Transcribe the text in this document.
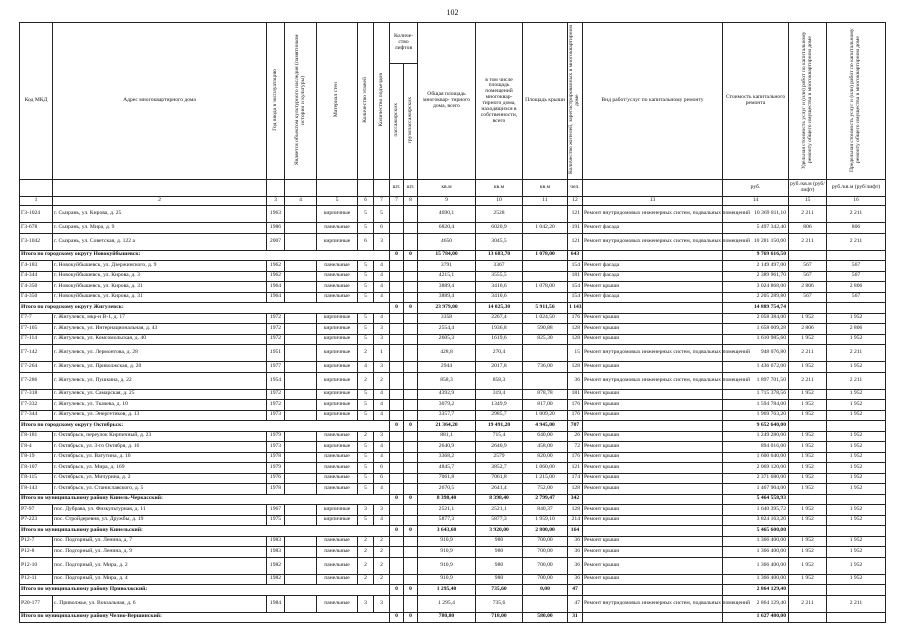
102
Код МКД	Адрес многоквартирного дома	Год ввода в эксплуатацию	Является объектом культурного наследия (памятником истории и культуры)	Материал стен	Количество этажей	Количество подъездов	Количе- ство лифтов		Общая площадь многоквар- тирного дома, всего	в том числе площадь помещений многоквар- тирного дома, находящихся в собственности, всего	Площадь крыши	Количество жителей, зарегистрированных в многоквартирном доме	Вид работ/услуг по капитальному ремонту	Стоимость капитального ремонта	Удельная стоимость услуг и (или) работ по капитальному ремонту общего имущества в многоквартирном доме	Предельная стоимость услуг и (или) работ по капитальному ремонту общего имущества в многоквартирном доме
							пассажирских	грузопассажирских								
							шт.	шт.	кв.м	кв.м	кв.м	чел.		руб.	руб./кв.м (руб/лифт)	руб./кв.м (руб/лифт)
1	2	3	4	5	6	7	7	8	9	10	11	12	13	14	15	16
Г3-1024	г. Сызрань, ул. Кирова, д. 25	1963		кирпичные	5	5			4690,1	2528		121	Ремонт внутридомовых инженерных систем, подвальных помещений	10 369 811,10	2 211	2 211
Г3-678	г. Сызрань, ул. Мира, д. 9	1986		панельные	5	6			6820,4	6020,9	1 042,20	191	Ремонт фасада	5 497 342,40	806	806
Г3-1042	г. Сызрань, ул. Советская, д. 122 а	2007		кирпичные	6	3			4650	3045,5		121	Ремонт внутридомовых инженерных систем, подвальных помещений	10 281 150,00	2 211	2 211
Итого по городскому округу Новокуйбышевск:							0	0	15 784,00	13 683,70	1 078,00	643		9 769 616,50		
Г4-183	г. Новокуйбышевск, ул. Дзержинского, д. 9	1962		панельные	5	4			3791	3367		154	Ремонт фасада	2 149 497,00	567	567
Г4-344	г. Новокуйбышевск, ул. Кирова, д. 3	1962		панельные	5	4			4215,1	3555,5		181	Ремонт фасада	2 389 961,70	567	567
Г4-350	г. Новокуйбышевск, ул. Кирова, д. 31	1964		панельные	5	4			3889,4	3410,6	1 078,00	154	Ремонт крыши	3 024 868,00	2 806	2 806
Г4-350	г. Новокуйбышевск, ул. Кирова, д. 31	1964		панельные	5	4			3889,4	3410,6		154	Ремонт фасада	2 205 289,80	567	567
Итого по городскому округу Жигулевск:							0	0	23 979,00	14 025,30	5 911,56	1 143		14 889 754,74		
Г7-7	г. Жигулевск, мкр-н В-1, д. 17	1972		кирпичные	5	4			3358	2267,4	1 024,50	176	Ремонт крыши	2 058 384,00	1 952	1 952
Г7-105	г. Жигулевск, ул. Интернациональная, д. 43	1972		кирпичные	5	3			2554,4	1936,8	590,88	128	Ремонт крыши	1 658 009,28	2 806	2 806
Г7-114	г. Жигулевск, ул. Комсомольская, д. 40	1972		кирпичные	5	3			2605,3	1619,6	825,30	128	Ремонт крыши	1 610 985,60	1 952	1 952
Г7-142	г. Жигулевск, ул. Лермонтова, д. 28	1951		кирпичные	2	1			428,8	270,4		15	Ремонт внутридомовых инженерных систем, подвальных помещений	948 076,80	2 211	2 211
Г7-264	г. Жигулевск, ул. Приволжская, д. 20	1977		кирпичные	4	3			2944	2017,8	736,00	128	Ремонт крыши	1 436 672,00	1 952	1 952
Г7-286	г. Жигулевск, ул. Пушкина, д. 22	1954		кирпичные	2	2			858,3	858,3		36	Ремонт внутридомовых инженерных систем, подвальных помещений	1 897 701,50	2 211	2 211
Г7-318	г. Жигулевск, ул. Самарская, д. 25	1972		кирпичные	5	4			4392,9	319,4	878,78	181	Ремонт крыши	1 715 378,56	1 952	1 952
Г7-332	г. Жигулевск, ул. Ткачева, д. 10	1972		кирпичные	5	4			3079,2	1349,9	817,00	176	Ремонт крыши	1 594 784,00	1 952	1 952
Г7-344	г. Жигулевск, ул. Энергетиков, д. 13	1973		кирпичные	5	4			3357,7	2985,7	1 009,20	176	Ремонт крыши	1 969 763,20	1 952	1 952
Итого по городскому округу Октябрьск:							0	0	21 364,20	19 491,20	4 945,00	707		9 652 640,00		
Г8-181	г. Октябрьск, переулок Кирпичный, д. 23	1979		панельные	2	3			881,1	715,4	640,00	26	Ремонт крыши	1 249 280,00	1 952	1 952
Г8-4	г. Октябрьск, ул. 3-го Октября, д. 16	1973		кирпичные	5	4			2640,9	2640,9	458,00	72	Ремонт крыши	894 016,00	1 952	1 952
Г8-19	г. Октябрьск, ул. Ватутина, д. 10	1978		панельные	5	4			3368,2	2579	820,00	176	Ремонт крыши	1 600 640,00	1 952	1 952
Г8-107	г. Октябрьск, ул. Мира, д. 169	1979		панельные	5	6			4845,7	3852,7	1 060,00	121	Ремонт крыши	2 069 120,00	1 952	1 952
Г8-115	г. Октябрьск, ул. Мичурина, д. 2	1976		панельные	5	6			7061,8	7061,8	1 215,00	174	Ремонт крыши	2 371 680,00	1 952	1 952
Г8-143	г. Октябрьск, ул. Станиславского, д. 5	1978		панельные	5	4			2670,5	2641,4	752,00	128	Ремонт крыши	1 467 904,00	1 952	1 952
Итого по муниципальному району Кинель-Черкасский:							0	0	8 398,40	8 398,40	2 799,47	342		5 464 558,93		
Р7-97	пос. Дубрава, ул. Физкультурная, д. 11	1967		кирпичные	3	3			2521,1	2521,1	840,37	128	Ремонт крыши	1 640 395,72	1 952	1 952
Р7-223	пос. Стройдеревня, ул. Дружбы, д. 19	1975		кирпичные	5	4			5877,3	5877,3	1 959,10	214	Ремонт крыши	3 824 163,20	1 952	1 952
Итого по муниципальному району Кинельский:							0	0	3 643,60	3 920,00	2 800,00	164		5 465 600,00		
Р12-7	пос. Подгорный, ул. Ленина, д. 7	1983		панельные	2	2			910,9	980	700,00	36	Ремонт крыши	1 366 400,00	1 952	1 952
Р12-8	пос. Подгорный, ул. Ленина, д. 9	1983		панельные	2	2			910,9	980	700,00	36	Ремонт крыши	1 366 400,00	1 952	1 952
Р12-10	пос. Подгорный, ул. Мира, д. 2	1982		панельные	2	2			910,9	980	700,00	36	Ремонт крыши	1 366 400,00	1 952	1 952
Р12-11	пос. Подгорный, ул. Мира, д. 4	1982		панельные	2	2			910,9	980	700,00	36	Ремонт крыши	1 366 400,00	1 952	1 952
Итого по муниципальному району Приволжский:							0	0	1 295,40	735,60	0,00	47		2 864 129,40		
Р20-177	с. Приволжье, ул. Вокзальная, д. 6	1984		панельные	3	3			1 295,4	735,6		47	Ремонт внутридомовых инженерных систем, подвальных помещений	2 864 129,40	2 211	2 211
Итого по муниципальному району Челно-Вершинский:							0	0	780,80	718,00	580,00	31		1 627 480,00		
